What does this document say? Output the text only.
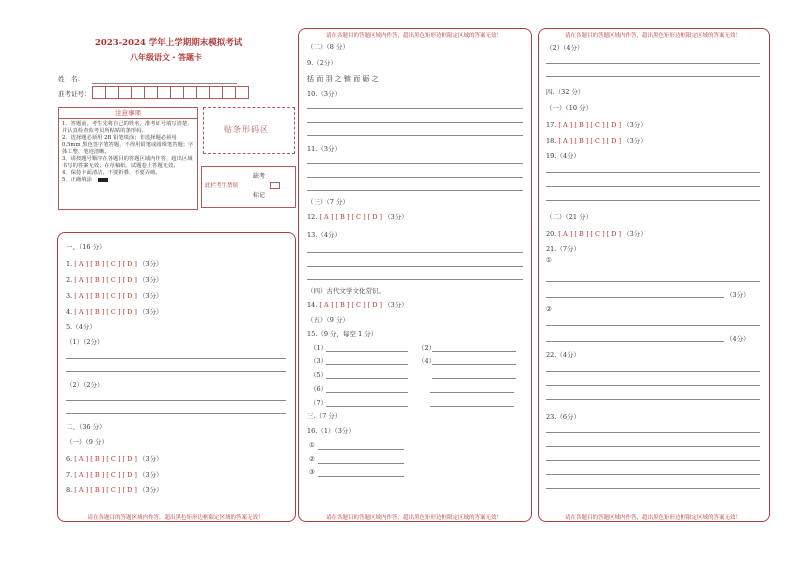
2023-2024 学年上学期期末模拟考试
八年级语文・答题卡
姓　名：
准考证号：
注意事项
1．答题前，考生先将自己的姓名，准考证号填写清楚，并认真检查监考员所粘贴的条形码。
2．选择题必须用 2B 铅笔填涂；非选择题必须用 0.5mm 黑色签字笔答题，不得用铅笔或圆珠笔答题；字体工整、笔迹清晰。
3．请按题号顺序在各题目的答题区域内作答，超出区域书写的答案无效；在草稿纸、试题卷上答题无效。
4．保持卡面清洁，不要折叠、不要弄破。
5．正确填涂
贴条形码区
此栏考生禁填
缺考
标记
一、（16 分）
1. [ A ] [ B ] [ C ] [ D ] （3分）
2. [ A ] [ B ] [ C ] [ D ] （3分）
3. [ A ] [ B ] [ C ] [ D ] （3分）
4. [ A ] [ B ] [ C ] [ D ] （3分）
5.（4分）
（1）（2分）
（2）（2分）
二、（36 分）
（一）（9 分）
6. [ A ] [ B ] [ C ] [ D ] （3分）
7. [ A ] [ B ] [ C ] [ D ] （3分）
8. [ A ] [ B ] [ C ] [ D ] （3分）
请在各题目的答题区域内作答，超出黑色矩形边框限定区域的答案无效！
请在各题目的答题区域内作答，超出黑色矩形边框限定区域的答案无效！
（二）（8 分）
9.（2分）
括 而 羽 之 镞 而 砺 之
10.（3分）
11.（3分）
（三）（7 分）
12. [ A ] [ B ] [ C ] [ D ] （3分）
13.（4分）
（四）古代文学文化常识。
14. [ A ] [ B ] [ C ] [ D ] （3分）
（五）（9 分）
15.（9 分，每空 1 分）
（1）	（2）
（3）	（4）
（5）
（6）
（7）
三.（7 分）
16.（1）（3分）
①
②
③
请在各题目的答题区域内作答，超出黑色矩形边框限定区域的答案无效！
请在各题目的答题区域内作答，超出黑色矩形边框限定区域的答案无效！
（2）（4分）
四.（32 分）
（一）（10 分）
17. [ A ] [ B ] [ C ] [ D ] （3分）
18. [ A ] [ B ] [ C ] [ D ] （3分）
19.（4分）
（二）（21 分）
20. [ A ] [ B ] [ C ] [ D ] （3分）
21.（7分）
①
（3分）
②
（4分）
22.（4分）
23.（6分）
请在各题目的答题区域内作答，超出黑色矩形边框限定区域的答案无效！
